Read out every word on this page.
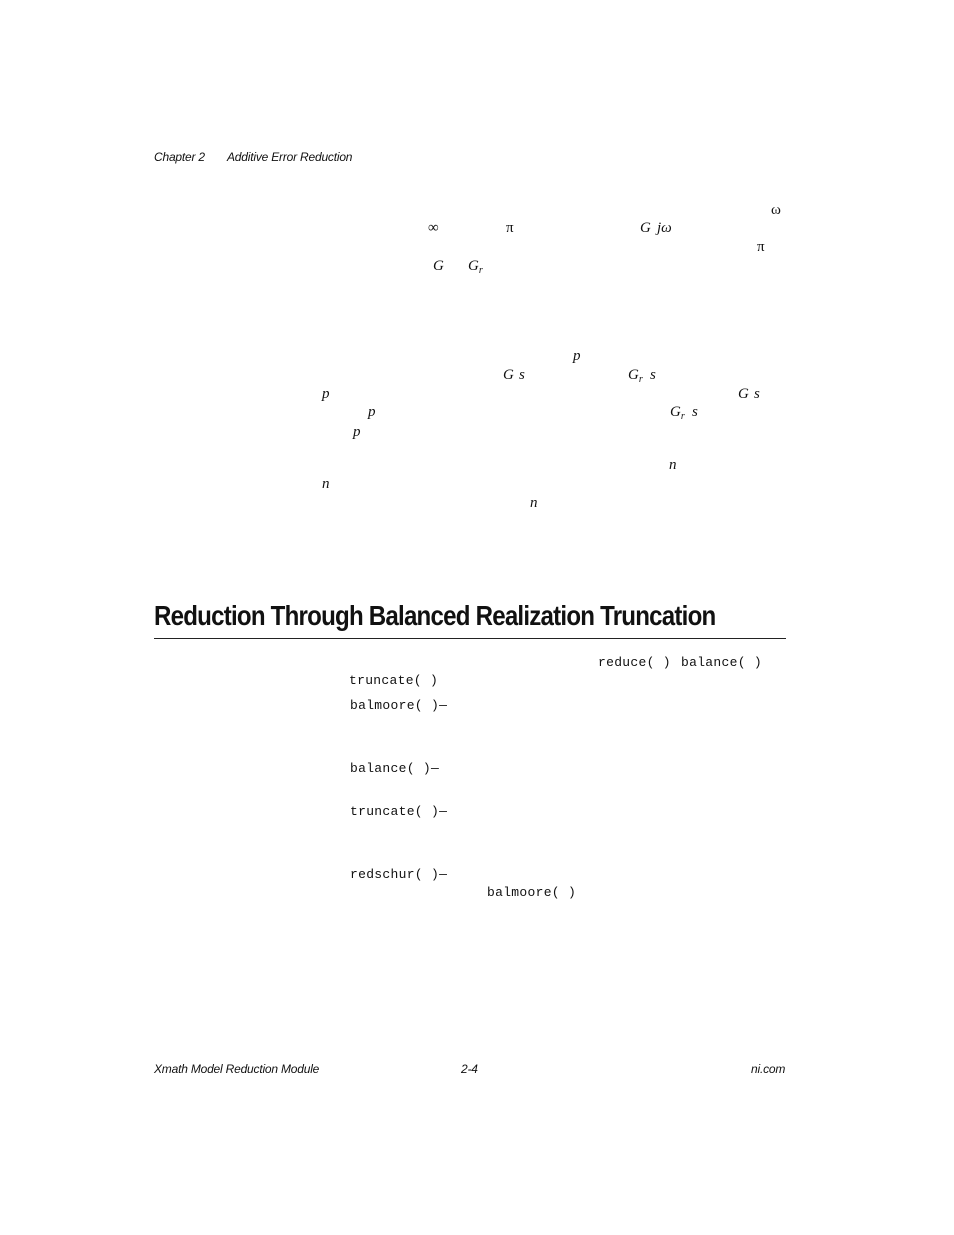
Chapter 2 Additive Error Reduction
ω
∞	π	G jω
π
G $G_r$
p
G s	$G_r$ s
p	G s
p	$G_r$ s
p
n
n
n
Reduction Through Balanced Realization Truncation
reduce( ) balance( )
truncate( )
balmoore( )—
balance( )—
truncate( )—
redschur( )—
balmoore( )
Xmath Model Reduction Module	2-4	ni.com
